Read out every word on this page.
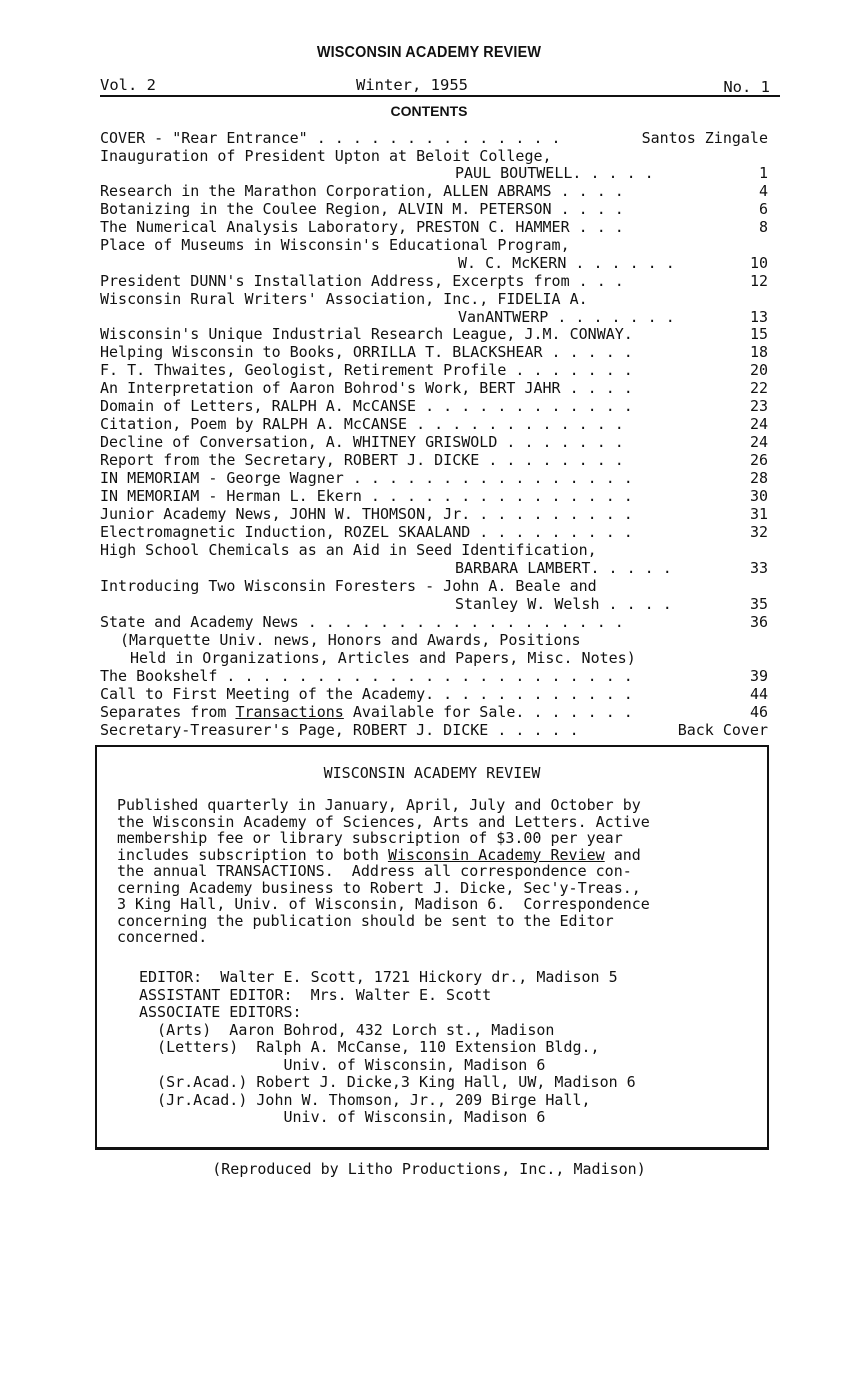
WISCONSIN ACADEMY REVIEW
Vol. 2	Winter, 1955	No. 1
CONTENTS
COVER - "Rear Entrance" . . . . . . . . . . . . . .	Santos Zingale
Inauguration of President Upton at Beloit College,
PAUL BOUTWELL. . . . .	1
Research in the Marathon Corporation, ALLEN ABRAMS . . . .	4
Botanizing in the Coulee Region, ALVIN M. PETERSON . . . .	6
The Numerical Analysis Laboratory, PRESTON C. HAMMER . . .	8
Place of Museums in Wisconsin's Educational Program,
W. C. McKERN . . . . . .	10
President DUNN's Installation Address, Excerpts from . . .	12
Wisconsin Rural Writers' Association, Inc., FIDELIA A.
VanANTWERP . . . . . . .	13
Wisconsin's Unique Industrial Research League, J.M. CONWAY.	15
Helping Wisconsin to Books, ORRILLA T. BLACKSHEAR . . . . .	18
F. T. Thwaites, Geologist, Retirement Profile . . . . . . .	20
An Interpretation of Aaron Bohrod's Work, BERT JAHR . . . .	22
Domain of Letters, RALPH A. McCANSE . . . . . . . . . . . .	23
Citation, Poem by RALPH A. McCANSE . . . . . . . . . . . .	24
Decline of Conversation, A. WHITNEY GRISWOLD . . . . . . .	24
Report from the Secretary, ROBERT J. DICKE . . . . . . . .	26
IN MEMORIAM - George Wagner . . . . . . . . . . . . . . . .	28
IN MEMORIAM - Herman L. Ekern . . . . . . . . . . . . . . .	30
Junior Academy News, JOHN W. THOMSON, Jr. . . . . . . . . .	31
Electromagnetic Induction, ROZEL SKAALAND . . . . . . . . .	32
High School Chemicals as an Aid in Seed Identification,
BARBARA LAMBERT. . . . .	33
Introducing Two Wisconsin Foresters - John A. Beale and
Stanley W. Welsh . . . .	35
State and Academy News . . . . . . . . . . . . . . . . . .	36
(Marquette Univ. news, Honors and Awards, Positions
Held in Organizations, Articles and Papers, Misc. Notes)
The Bookshelf . . . . . . . . . . . . . . . . . . . . . . .	39
Call to First Meeting of the Academy. . . . . . . . . . . .	44
Separates from Transactions Available for Sale. . . . . . .	46
Secretary-Treasurer's Page, ROBERT J. DICKE . . . . .	Back Cover
WISCONSIN ACADEMY REVIEW
Published quarterly in January, April, July and October by
the Wisconsin Academy of Sciences, Arts and Letters. Active
membership fee or library subscription of $3.00 per year
includes subscription to both Wisconsin Academy Review and
the annual TRANSACTIONS.  Address all correspondence con-
cerning Academy business to Robert J. Dicke, Sec'y-Treas.,
3 King Hall, Univ. of Wisconsin, Madison 6.  Correspondence
concerning the publication should be sent to the Editor
concerned.
EDITOR:  Walter E. Scott, 1721 Hickory dr., Madison 5
ASSISTANT EDITOR:  Mrs. Walter E. Scott
ASSOCIATE EDITORS:
(Arts)  Aaron Bohrod, 432 Lorch st., Madison
(Letters)  Ralph A. McCanse, 110 Extension Bldg.,
Univ. of Wisconsin, Madison 6
(Sr.Acad.) Robert J. Dicke,3 King Hall, UW, Madison 6
(Jr.Acad.) John W. Thomson, Jr., 209 Birge Hall,
Univ. of Wisconsin, Madison 6
(Reproduced by Litho Productions, Inc., Madison)
